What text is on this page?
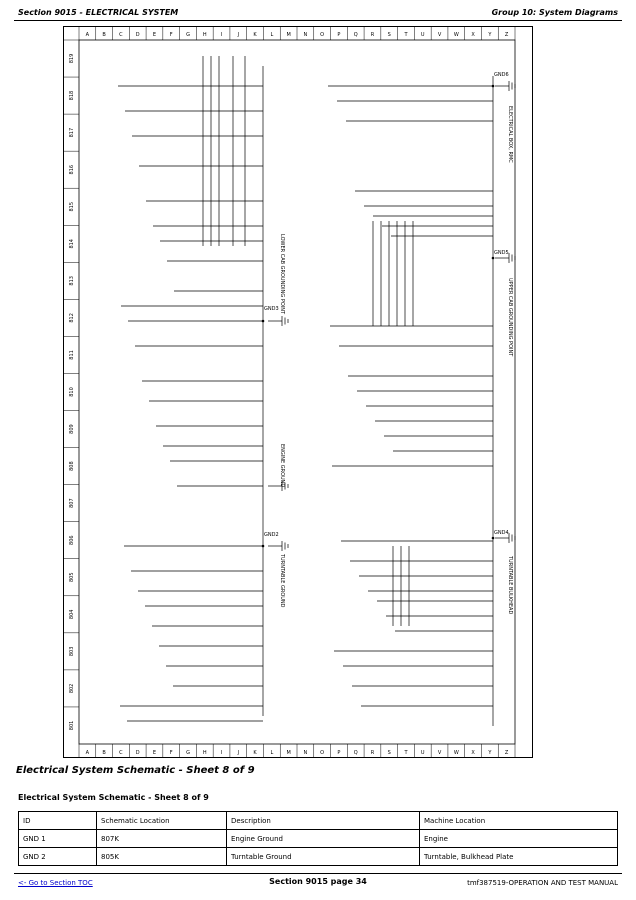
Section 9015 - ELECTRICAL SYSTEM	Group 10: System Diagrams
A	B	C	D	E	F	G	H	I	J	K	L	M	N	O	P	Q	R	S	T	U	V	W	X	Y	Z
A	B	C	D	E	F	G	H	I	J	K	L	M	N	O	P	Q	R	S	T	U	V	W	X	Y	Z
801
802
803
804
805
806
807
808
809
810
811
812
813
814
815
816
817
818
819
GND3
GND2
GND6
GND5
GND4
LOWER CAB GROUNDING POINT
ENGINE GROUND
TURNTABLE GROUND
UPPER CAB GROUNDING POINT
TURNTABLE BULKHEAD
ELECTRICAL BOX, RMC
Electrical System Schematic - Sheet 8 of 9
Electrical System Schematic - Sheet 8 of 9
ID	Schematic Location	Description	Machine Location
GND 1	807K	Engine Ground	Engine
GND 2	805K	Turntable Ground	Turntable, Bulkhead Plate
<- Go to Section TOC	Section 9015 page 34	tmf387519-OPERATION AND TEST MANUAL
